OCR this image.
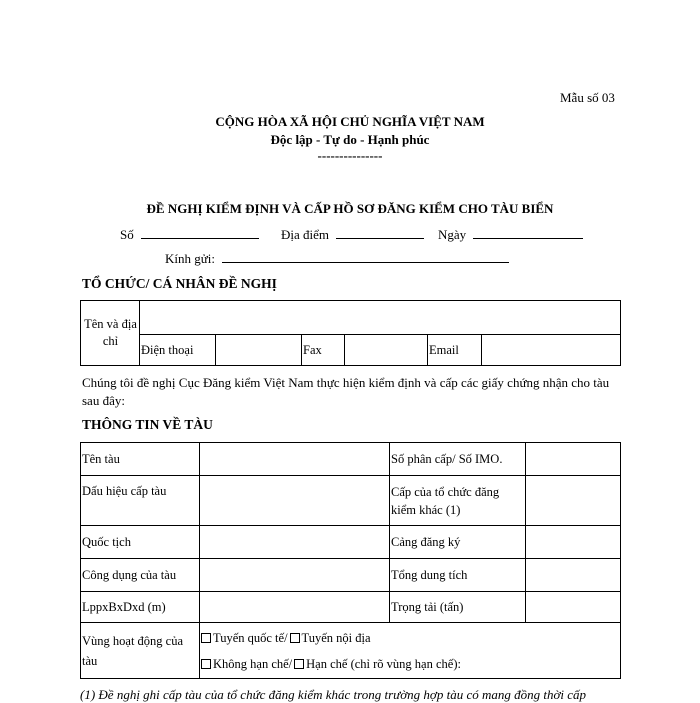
Mẫu số 03
CỘNG HÒA XÃ HỘI CHỦ NGHĨA VIỆT NAM
Độc lập - Tự do - Hạnh phúc
---------------
ĐỀ NGHỊ KIỂM ĐỊNH VÀ CẤP HỒ SƠ ĐĂNG KIỂM CHO TÀU BIỂN
Số	Địa điểm	Ngày
Kính gửi:
TỔ CHỨC/ CÁ NHÂN ĐỀ NGHỊ
Tên và địa chỉ						
	Điện thoại		Fax		Email	
Chúng tôi đề nghị Cục Đăng kiểm Việt Nam thực hiện kiểm định và cấp các giấy chứng nhận cho tàu sau đây:
THÔNG TIN VỀ TÀU
Tên tàu		Số phân cấp/ Số IMO.	
Dấu hiệu cấp tàu		Cấp của tổ chức đăng kiểm khác (1)	
Quốc tịch		Cảng đăng ký	
Công dụng của tàu		Tổng dung tích	
LppxBxDxd (m)		Trọng tải (tấn)	
Vùng hoạt động của tàu	Tuyến quốc tế/ Tuyến nội địa
Không hạn chế/ Hạn chế (chỉ rõ vùng hạn chế):		
(1) Đề nghị ghi cấp tàu của tổ chức đăng kiểm khác trong trường hợp tàu có mang đồng thời cấp
